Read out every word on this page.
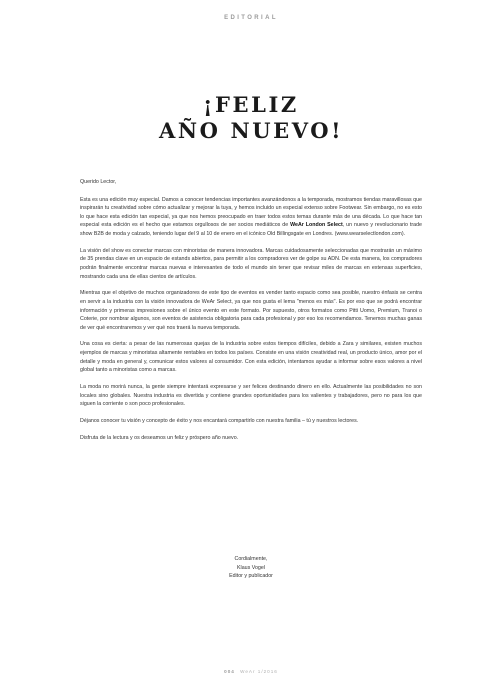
EDITORIAL
¡FELIZ
AÑO NUEVO!

Querido Lector,

Esta es una edición muy especial. Damos a conocer tendencias importantes avanzándonos a la temporada, mostramos tiendas maravillosas que inspirarán tu creatividad sobre cómo actualizar y mejorar la tuya, y hemos incluido un especial extenso sobre Footwear. Sin embargo, no es esto lo que hace esta edición tan especial, ya que nos hemos preocupado en traer todos estos temas durante más de una década. Lo que hace tan especial esta edición es el hecho que estamos orgullosos de ser socios mediáticos de WeAr London Select, un nuevo y revolucionario trade show B2B de moda y calzado, teniendo lugar del 9 al 10 de enero en el icónico Old Billingsgate en Londres. (www.wearselectlondon.com).

La visión del show es conectar marcas con minoristas de manera innovadora. Marcas cuidadosamente seleccionadas que mostrarán un máximo de 35 prendas clave en un espacio de estands abiertos, para permitir a los compradores ver de golpe su ADN. De esta manera, los compradores podrán finalmente encontrar marcas nuevas e interesantes de todo el mundo sin tener que revisar miles de marcas en extensas superficies, mostrando cada una de ellas cientos de artículos.

Mientras que el objetivo de muchos organizadores de este tipo de eventos es vender tanto espacio como sea posible, nuestro énfasis se centra en servir a la industria con la visión innovadora de WeAr Select, ya que nos gusta el lema "menos es más". Es por eso que se podrá encontrar información y primeras impresiones sobre el único evento en este formato. Por supuesto, otros formatos como Pitti Uomo, Premium, Tranoi o Coterie, por nombrar algunos, son eventos de asistencia obligatoria para cada profesional y por eso los recomendamos. Tenemos muchas ganas de ver qué encontraremos y ver qué nos traerá la nueva temporada.

Una cosa es cierta: a pesar de las numerosas quejas de la industria sobre estos tiempos difíciles, debido a Zara y similares, existen muchos ejemplos de marcas y minoristas altamente rentables en todos los países. Consiste en una visión creatividad real, un producto único, amor por el detalle y moda en general y, comunicar estos valores al consumidor. Con esta edición, intentamos ayudar a informar sobre esos valores a nivel global tanto a minoristas como a marcas.

La moda no morirá nunca, la gente siempre intentará expresarse y ser felices destinando dinero en ello. Actualmente las posibilidades no son locales sino globales. Nuestra industria es divertida y contiene grandes oportunidades para los valientes y trabajadores, pero no para los que siguen la corriente o son poco profesionales.

Déjanos conocer tu visión y concepto de éxito y nos encantará compartirlo con nuestra familia – tú y nuestros lectores.

Disfruta de la lectura y os deseamos un feliz y próspero año nuevo.

Cordialmente,
Klaus Vogel
Editor y publicador
004 WeAr 1/2016
